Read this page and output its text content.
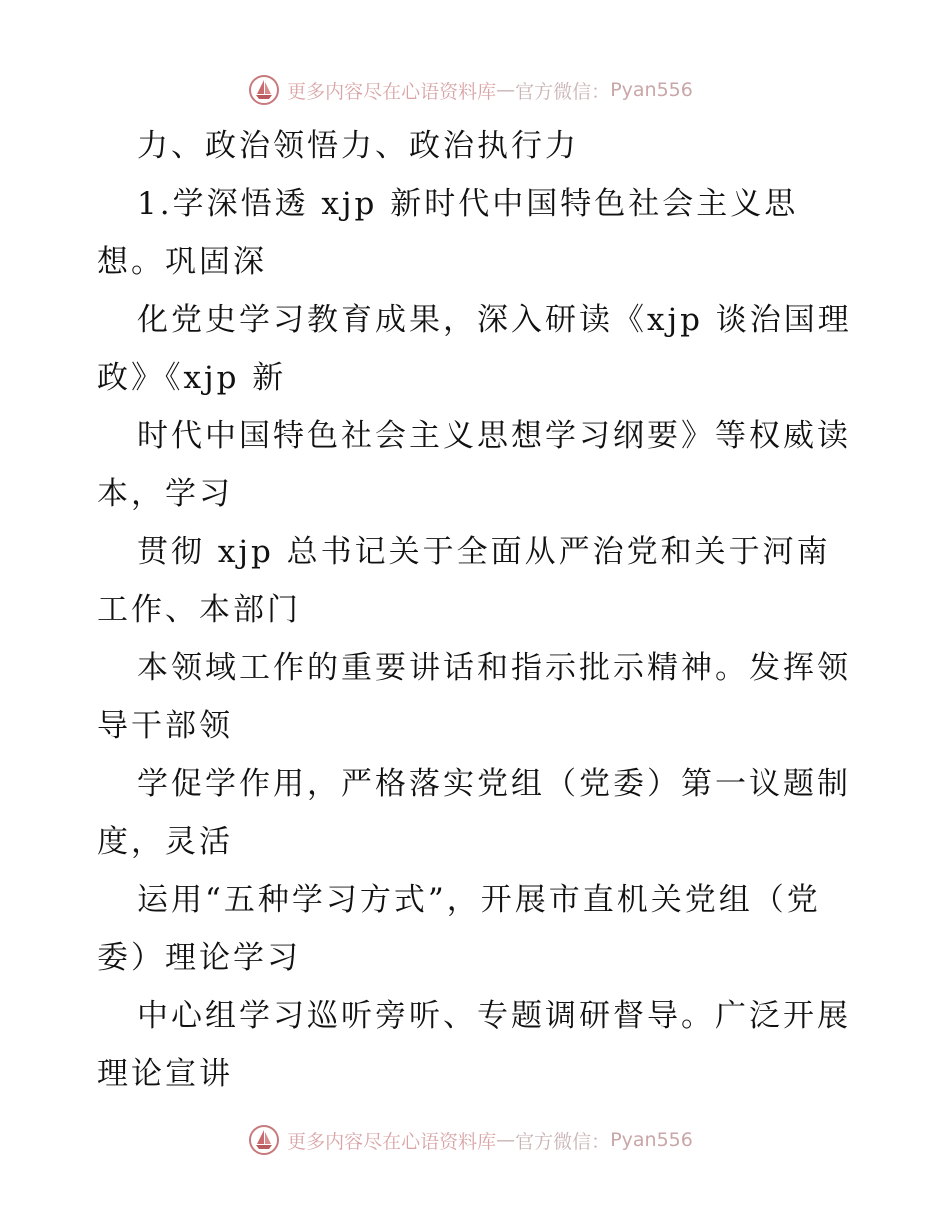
更多内容尽在心语资料库 — 官方微信： Pyan556
力、政治领悟力、政治执行力
1.学深悟透 xjp 新时代中国特色社会主义思
想。巩固深
化党史学习教育成果，深入研读《xjp 谈治国理
政》《xjp 新
时代中国特色社会主义思想学习纲要》等权威读
本，学习
贯彻 xjp 总书记关于全面从严治党和关于河南
工作、本部门
本领域工作的重要讲话和指示批示精神。发挥领
导干部领
学促学作用，严格落实党组（党委）第一议题制
度，灵活
运用“五种学习方式”，开展市直机关党组（党
委）理论学习
中心组学习巡听旁听、专题调研督导。广泛开展
理论宣讲
更多内容尽在心语资料库 — 官方微信： Pyan556
